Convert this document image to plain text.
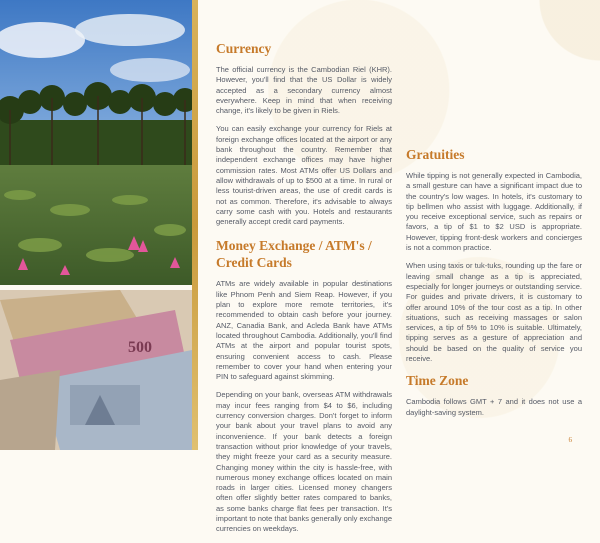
500
Currency

The official currency is the Cambodian Riel (KHR). However, you'll find that the US Dollar is widely accepted as a secondary currency almost everywhere. Keep in mind that when receiving change, it's likely to be given in Riels.

You can easily exchange your currency for Riels at foreign exchange offices located at the airport or any bank throughout the country. Remember that independent exchange offices may have higher commission rates. Most ATMs offer US Dollars and allow withdrawals of up to $500 at a time. In rural or less tourist-driven areas, the use of credit cards is not as common. Therefore, it's advisable to always carry some cash with you. Hotels and restaurants generally accept credit card payments.

Money Exchange / ATM's / Credit Cards

ATMs are widely available in popular destinations like Phnom Penh and Siem Reap. However, if you plan to explore more remote territories, it's recommended to obtain cash before your journey. ANZ, Canadia Bank, and Acleda Bank have ATMs located throughout Cambodia. Additionally, you'll find ATMs at the airport and popular tourist spots, ensuring convenient access to cash. Please remember to cover your hand when entering your PIN to safeguard against skimming.

Depending on your bank, overseas ATM withdrawals may incur fees ranging from $4 to $6, including currency conversion charges. Don't forget to inform your bank about your travel plans to avoid any inconvenience. If your bank detects a foreign transaction without prior knowledge of your travels, they might freeze your card as a security measure. Changing money within the city is hassle-free, with numerous money exchange offices located on main roads in larger cities. Licensed money changers often offer slightly better rates compared to banks, as some banks charge flat fees per transaction. It's important to note that banks generally only exchange currencies on weekdays.

Gratuities

While tipping is not generally expected in Cambodia, a small gesture can have a significant impact due to the country's low wages. In hotels, it's customary to tip bellmen who assist with luggage. Additionally, if you receive exceptional service, such as repairs or favors, a tip of $1 to $2 USD is appropriate. However, tipping front-desk workers and concierges is not a common practice.

When using taxis or tuk-tuks, rounding up the fare or leaving small change as a tip is appreciated, especially for longer journeys or outstanding service. For guides and private drivers, it is customary to offer around 10% of the tour cost as a tip. In other situations, such as receiving massages or salon services, a tip of 5% to 10% is suitable. Ultimately, tipping serves as a gesture of appreciation and should be based on the quality of service you receive.

Time Zone

Cambodia follows GMT + 7 and it does not use a daylight-saving system.

6
